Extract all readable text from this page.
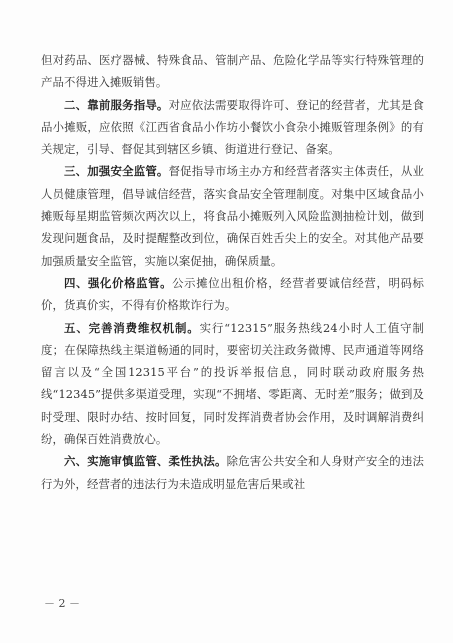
但对药品、医疗器械、特殊食品、管制产品、危险化学品等实行特殊管理的产品不得进入摊贩销售。

二、靠前服务指导。对应依法需要取得许可、登记的经营者，尤其是食品小摊贩，应依照《江西省食品小作坊小餐饮小食杂小摊贩管理条例》的有关规定，引导、督促其到辖区乡镇、街道进行登记、备案。

三、加强安全监管。督促指导市场主办方和经营者落实主体责任，从业人员健康管理，倡导诚信经营，落实食品安全管理制度。对集中区域食品小摊贩每星期监管频次两次以上，将食品小摊贩列入风险监测抽检计划，做到发现问题食品，及时提醒整改到位，确保百姓舌尖上的安全。对其他产品要加强质量安全监管，实施以案促抽，确保质量。

四、强化价格监管。公示摊位出租价格，经营者要诚信经营，明码标价，货真价实，不得有价格欺诈行为。

五、完善消费维权机制。实行“12315”服务热线24小时人工值守制度；在保障热线主渠道畅通的同时，要密切关注政务微博、民声通道等网络留言以及“全国12315平台”的投诉举报信息，同时联动政府服务热线“12345”提供多渠道受理，实现“不拥堵、零距离、无时差”服务；做到及时受理、限时办结、按时回复，同时发挥消费者协会作用，及时调解消费纠纷，确保百姓消费放心。

六、实施审慎监管、柔性执法。除危害公共安全和人身财产安全的违法行为外，经营者的违法行为未造成明显危害后果或社

－ 2 －
